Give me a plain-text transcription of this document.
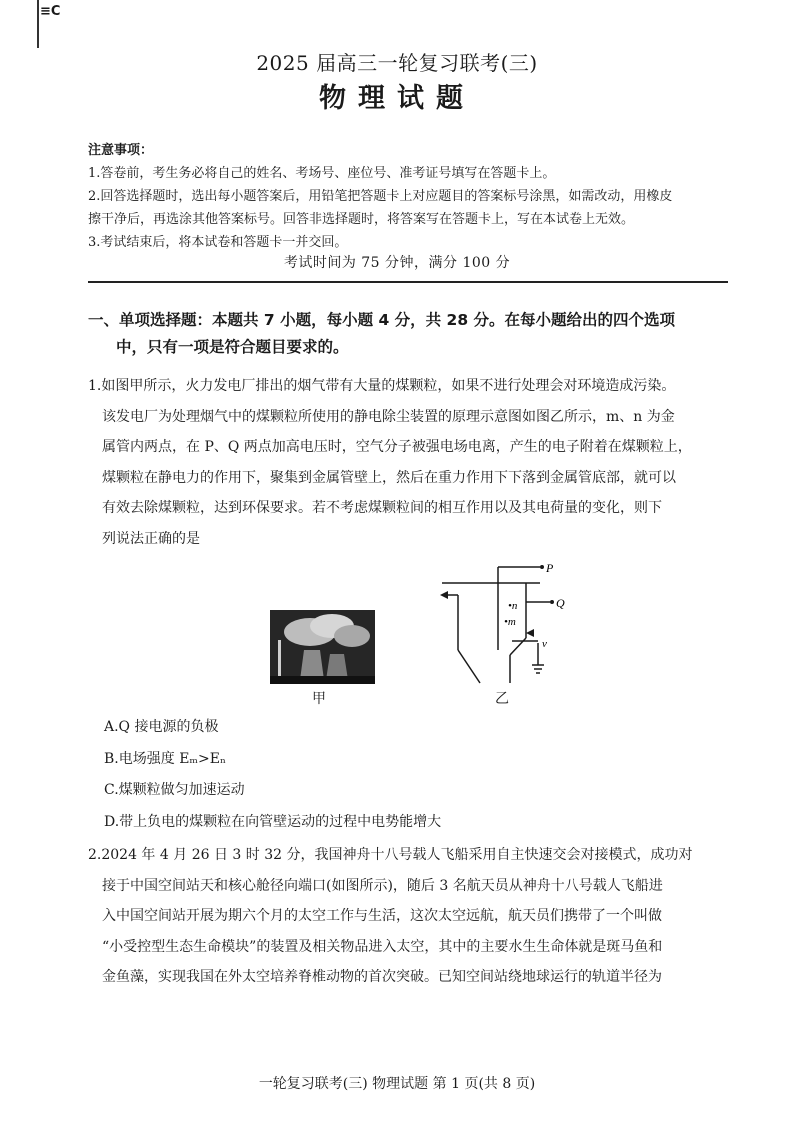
≡C
2025 届高三一轮复习联考(三)
物理试题
注意事项：
1.答卷前，考生务必将自己的姓名、考场号、座位号、准考证号填写在答题卡上。
2.回答选择题时，选出每小题答案后，用铅笔把答题卡上对应题目的答案标号涂黑，如需改动，用橡皮
擦干净后，再选涂其他答案标号。回答非选择题时，将答案写在答题卡上，写在本试卷上无效。
3.考试结束后，将本试卷和答题卡一并交回。
考试时间为 75 分钟，满分 100 分
一、单项选择题：本题共 7 小题，每小题 4 分，共 28 分。在每小题给出的四个选项
中，只有一项是符合题目要求的。
1.如图甲所示，火力发电厂排出的烟气带有大量的煤颗粒，如果不进行处理会对环境造成污染。
该发电厂为处理烟气中的煤颗粒所使用的静电除尘装置的原理示意图如图乙所示，m、n 为金
属管内两点，在 P、Q 两点加高电压时，空气分子被强电场电离，产生的电子附着在煤颗粒上，
煤颗粒在静电力的作用下，聚集到金属管壁上，然后在重力作用下下落到金属管底部，就可以
有效去除煤颗粒，达到环保要求。若不考虑煤颗粒间的相互作用以及其电荷量的变化，则下
列说法正确的是
甲
P
Q
•n
•m
v
乙
A.Q 接电源的负极
B.电场强度 Eₘ>Eₙ
C.煤颗粒做匀加速运动
D.带上负电的煤颗粒在向管壁运动的过程中电势能增大
2.2024 年 4 月 26 日 3 时 32 分，我国神舟十八号载人飞船采用自主快速交会对接模式，成功对
接于中国空间站天和核心舱径向端口(如图所示)，随后 3 名航天员从神舟十八号载人飞船进
入中国空间站开展为期六个月的太空工作与生活，这次太空远航，航天员们携带了一个叫做
“小受控型生态生命模块”的装置及相关物品进入太空，其中的主要水生生命体就是斑马鱼和
金鱼藻，实现我国在外太空培养脊椎动物的首次突破。已知空间站绕地球运行的轨道半径为
一轮复习联考(三) 物理试题 第 1 页(共 8 页)
